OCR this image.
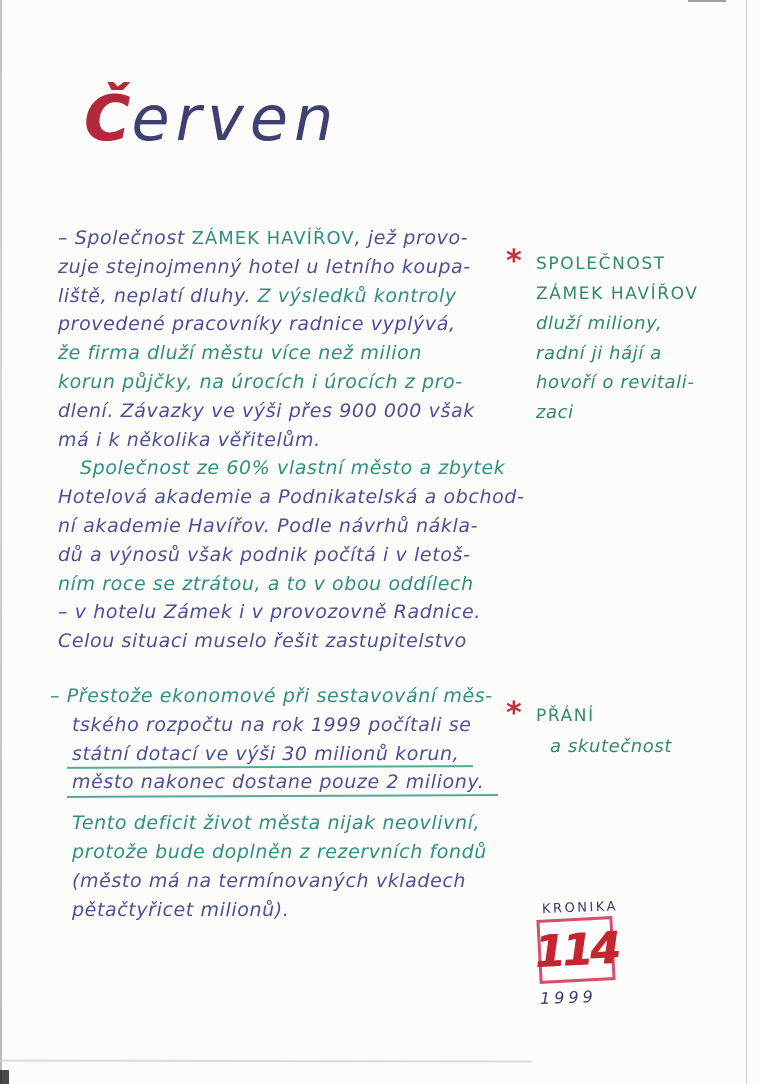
Červen
– Společnost ZÁMEK HAVÍŘOV, jež provo-
zuje stejnojmenný hotel u letního koupa-
liště, neplatí dluhy. Z výsledků kontroly
provedené pracovníky radnice vyplývá,
že firma dluží městu více než milion
korun půjčky, na úrocích i úrocích z pro-
dlení. Závazky ve výši přes 900 000 však
má i k několika věřitelům.
Společnost ze 60% vlastní město a zbytek
Hotelová akademie a Podnikatelská a obchod-
ní akademie Havířov. Podle návrhů nákla-
dů a výnosů však podnik počítá i v letoš-
ním roce se ztrátou, a to v obou oddílech
– v hotelu Zámek i v provozovně Radnice.
Celou situaci muselo řešit zastupitelstvo
– Přestože ekonomové při sestavování měs-
tského rozpočtu na rok 1999 počítali se
státní dotací ve výši 30 milionů korun,
město nakonec dostane pouze 2 miliony.
Tento deficit život města nijak neovlivní,
protože bude doplněn z rezervních fondů
(město má na termínovaných vkladech
pětačtyřicet milionů).
* SPOLEČNOST
ZÁMEK HAVÍŘOV
dluží miliony,
radní ji hájí a
hovoří o revitali-
zaci
* PŘÁNÍ
a skutečnost
KRONIKA
114
1999
